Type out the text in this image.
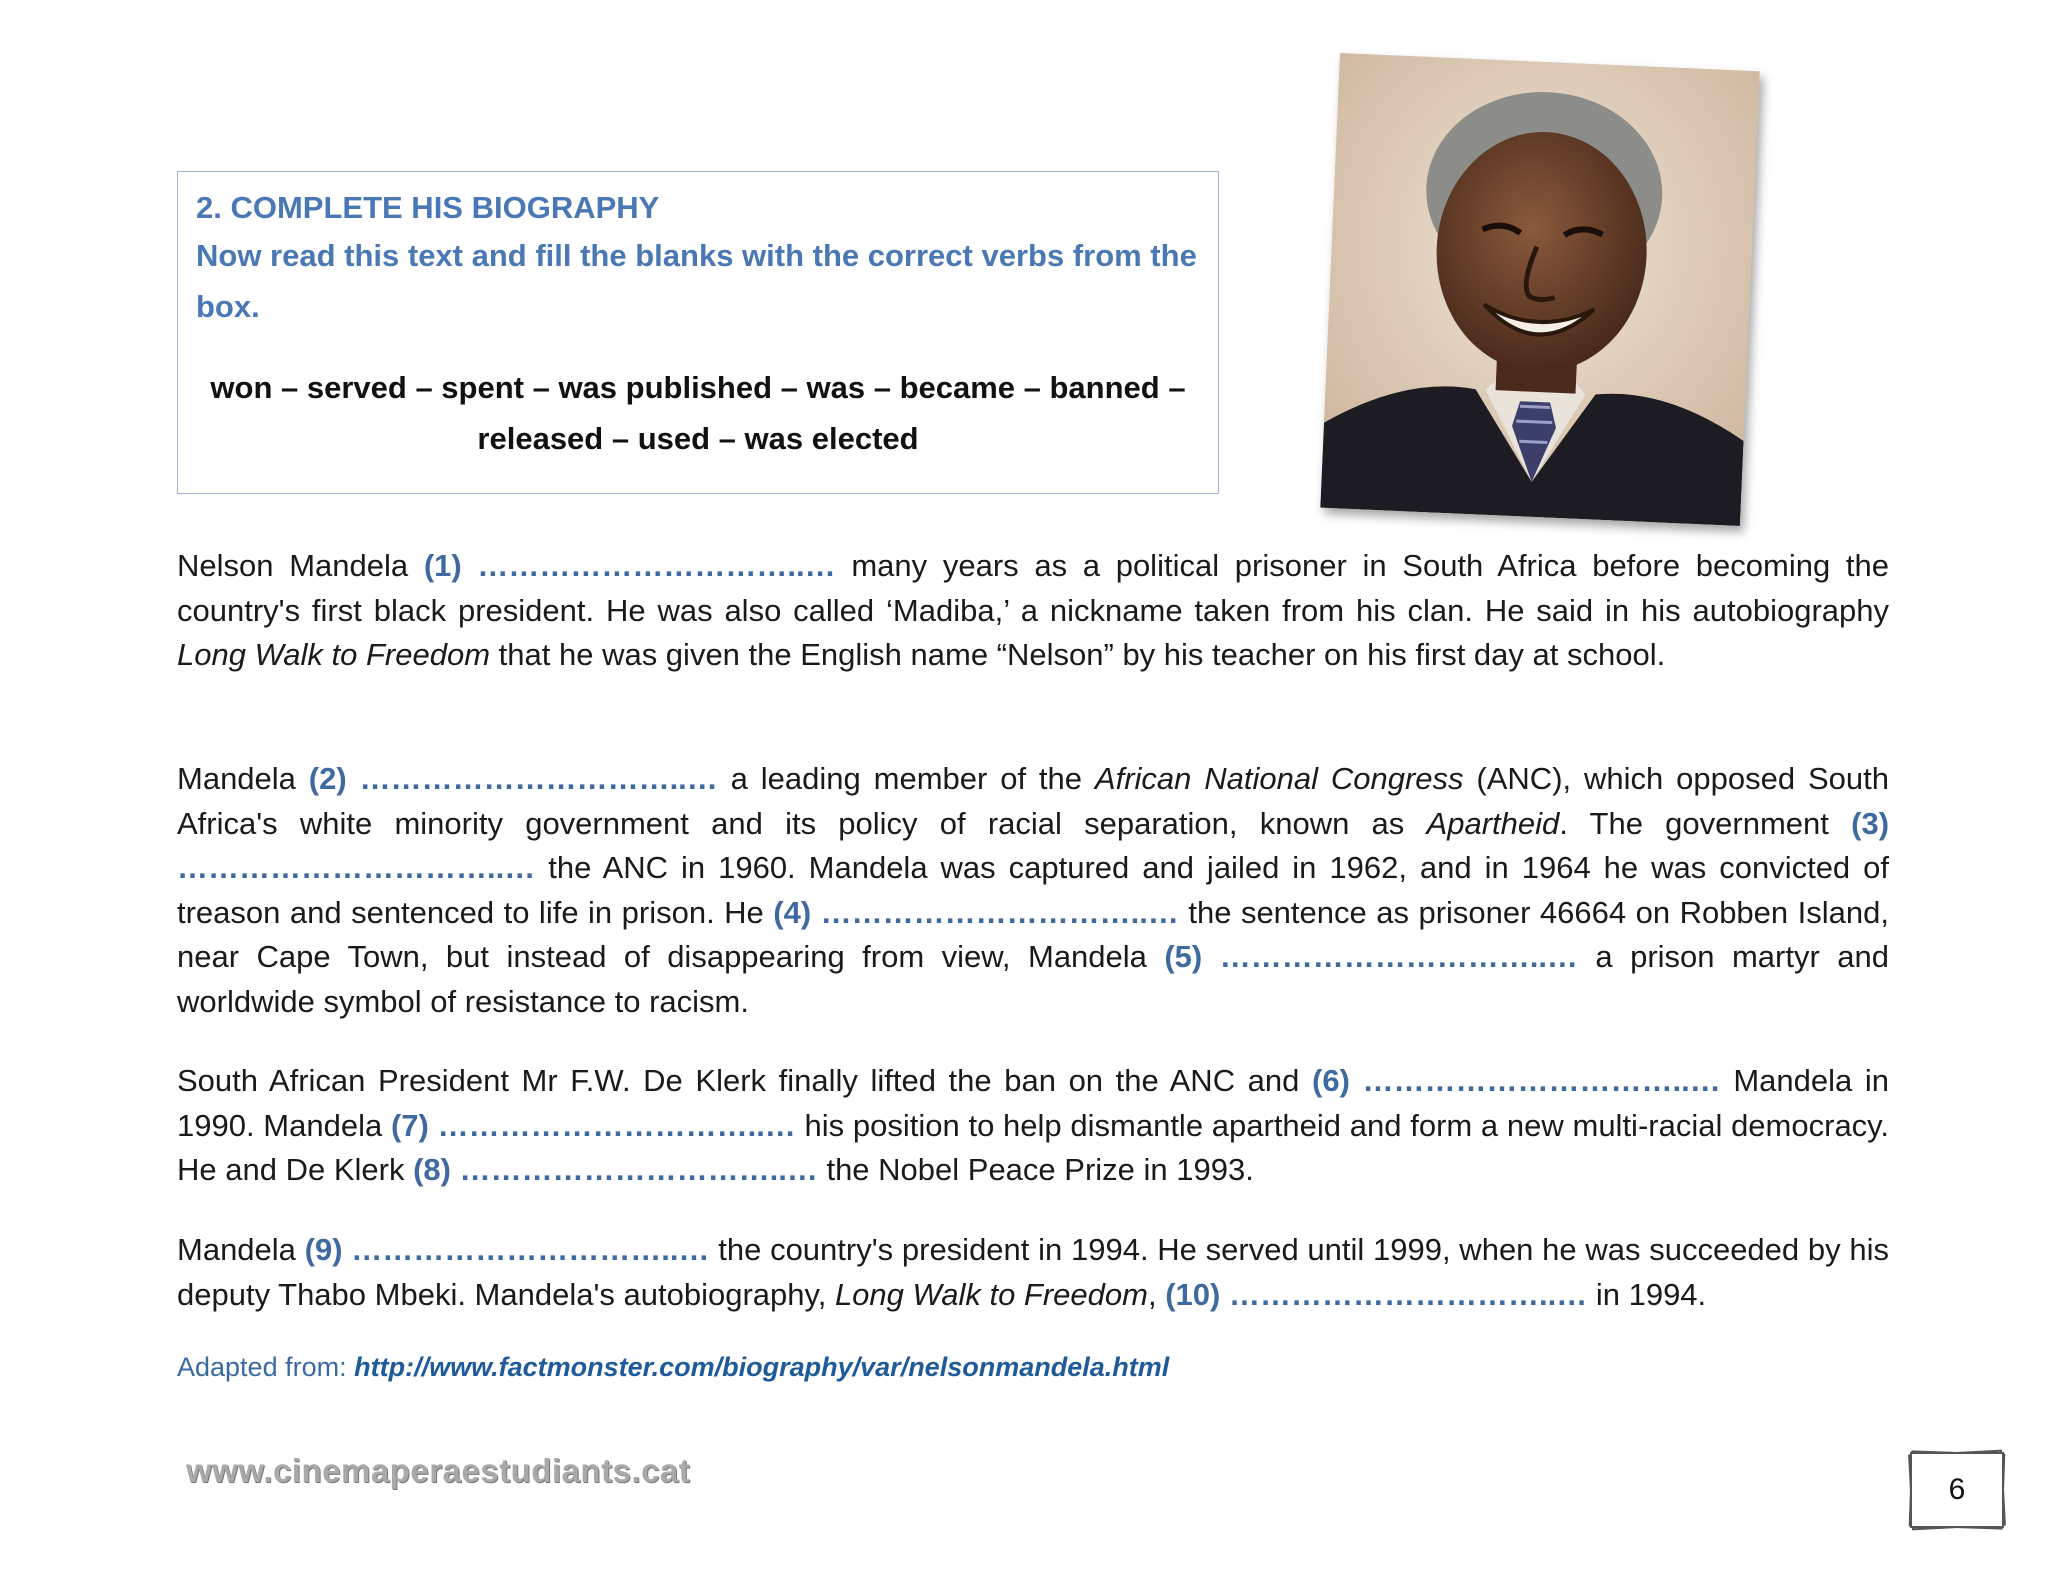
2. COMPLETE HIS BIOGRAPHY
Now read this text and fill the blanks with the correct verbs from the box.
won – served – spent – was published – was – became – banned –
released – used – was elected
Nelson Mandela (1) …………………………..… many years as a political prisoner in South Africa before becoming the country's first black president. He was also called ‘Madiba,’ a nickname taken from his clan. He said in his autobiography Long Walk to Freedom that he was given the English name “Nelson” by his teacher on his first day at school.
Mandela (2) …………………………..… a leading member of the African National Congress (ANC), which opposed South Africa's white minority government and its policy of racial separation, known as Apartheid. The government (3) …………………………..… the ANC in 1960. Mandela was captured and jailed in 1962, and in 1964 he was convicted of treason and sentenced to life in prison. He (4) …………………………..… the sentence as prisoner 46664 on Robben Island, near Cape Town, but instead of disappearing from view, Mandela (5) …………………………..… a prison martyr and worldwide symbol of resistance to racism.
South African President Mr F.W. De Klerk finally lifted the ban on the ANC and (6) …………………………..… Mandela in 1990. Mandela (7) …………………………..… his position to help dismantle apartheid and form a new multi-racial democracy. He and De Klerk (8) …………………………..… the Nobel Peace Prize in 1993.
Mandela (9) …………………………..… the country's president in 1994. He served until 1999, when he was succeeded by his deputy Thabo Mbeki. Mandela's autobiography, Long Walk to Freedom, (10) …………………………..… in 1994.
Adapted from: http://www.factmonster.com/biography/var/nelsonmandela.html
www.cinemaperaestudiants.cat
6
